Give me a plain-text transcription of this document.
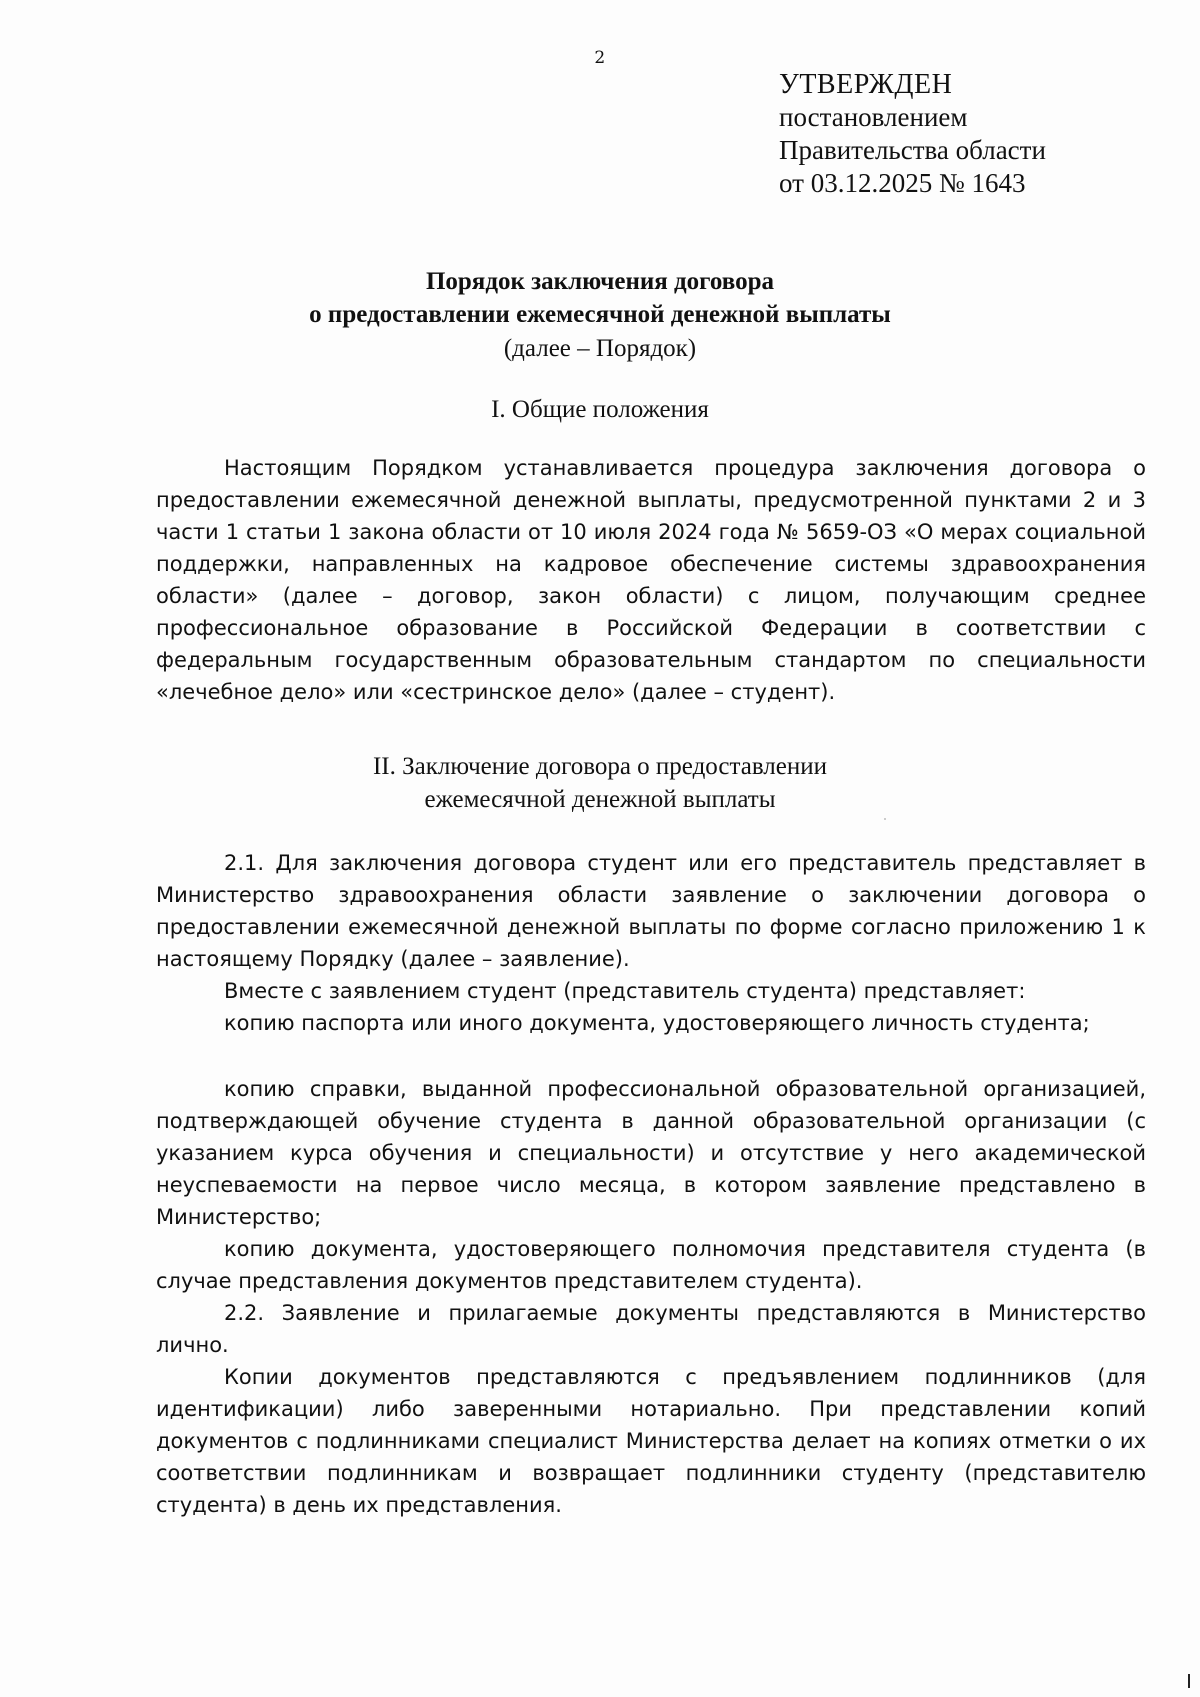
2
УТВЕРЖДЕН
постановлением
Правительства области
от 03.12.2025 № 1643
Порядок заключения договора
о предоставлении ежемесячной денежной выплаты
(далее – Порядок)
I. Общие положения

Настоящим Порядком устанавливается процедура заключения договора о предоставлении ежемесячной денежной выплаты, предусмотренной пунктами 2 и 3 части 1 статьи 1 закона области от 10 июля 2024 года № 5659-ОЗ «О мерах социальной поддержки, направленных на кадровое обеспечение системы здравоохранения области» (далее – договор, закон области) с лицом, получающим среднее профессиональное образование в Российской Федерации в соответствии с федеральным государственным образовательным стандартом по специальности «лечебное дело» или «сестринское дело» (далее – студент).

II. Заключение договора о предоставлении
ежемесячной денежной выплаты

2.1. Для заключения договора студент или его представитель представляет в Министерство здравоохранения области заявление о заключении договора о предоставлении ежемесячной денежной выплаты по форме согласно приложению 1 к настоящему Порядку (далее – заявление).

Вместе с заявлением студент (представитель студента) представляет:

копию паспорта или иного документа, удостоверяющего личность студента;

копию справки, выданной профессиональной образовательной организацией, подтверждающей обучение студента в данной образовательной организации (с указанием курса обучения и специальности) и отсутствие у него академической неуспеваемости на первое число месяца, в котором заявление представлено в Министерство;

копию документа, удостоверяющего полномочия представителя студента (в случае представления документов представителем студента).

2.2. Заявление и прилагаемые документы представляются в Министерство лично.

Копии документов представляются с предъявлением подлинников (для идентификации) либо заверенными нотариально. При представлении копий документов с подлинниками специалист Министерства делает на копиях отметки о их соответствии подлинникам и возвращает подлинники студенту (представителю студента) в день их представления.
